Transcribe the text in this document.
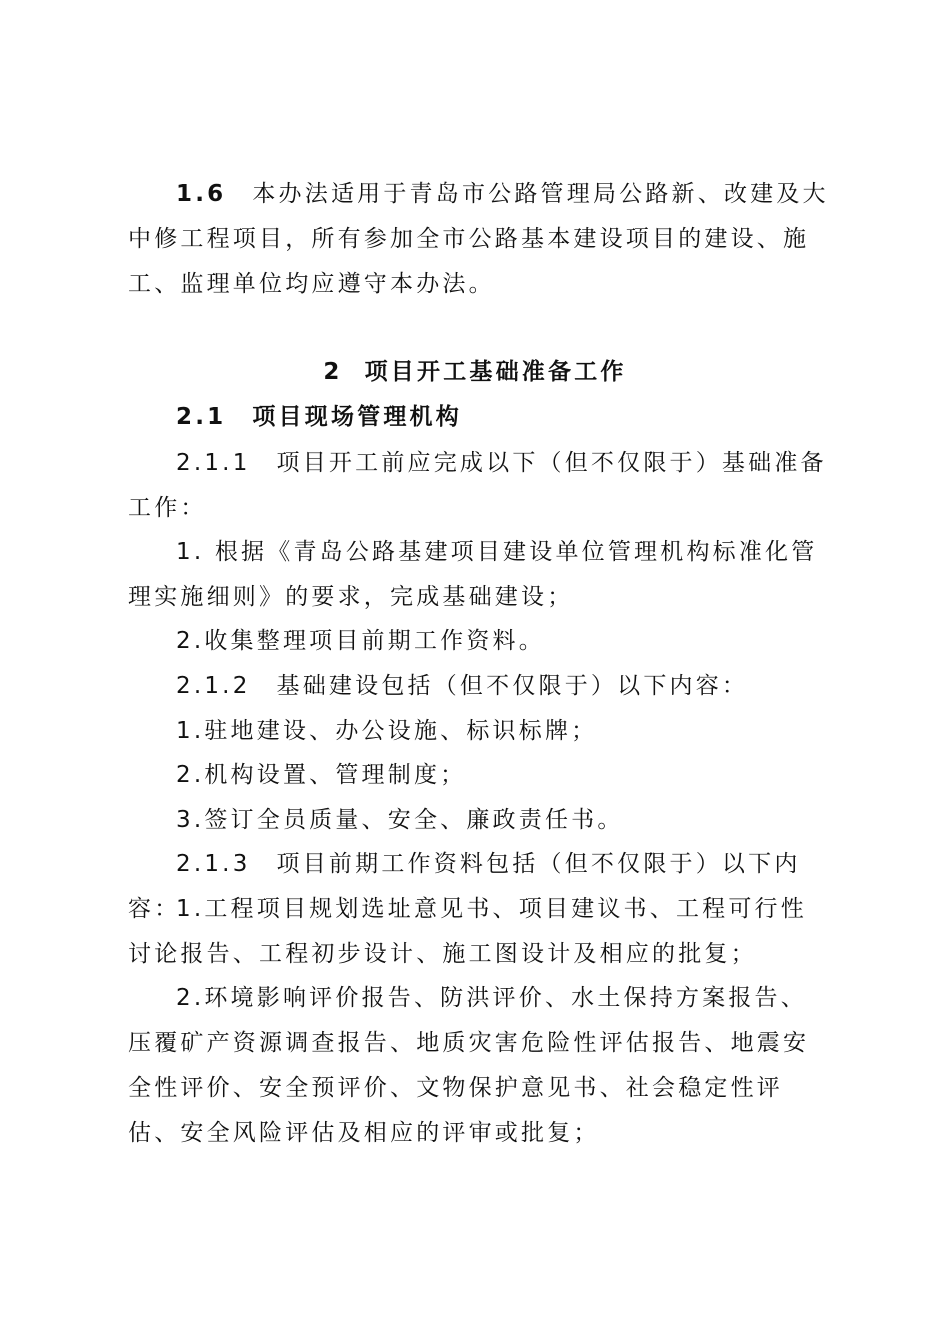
1.6 本办法适用于青岛市公路管理局公路新、改建及大中修工程项目，所有参加全市公路基本建设项目的建设、施工、监理单位均应遵守本办法。

2 项目开工基础准备工作

2.1 项目现场管理机构

2.1.1 项目开工前应完成以下（但不仅限于）基础准备工作：

1. 根据《青岛公路基建项目建设单位管理机构标准化管理实施细则》的要求，完成基础建设；

2.收集整理项目前期工作资料。

2.1.2 基础建设包括（但不仅限于）以下内容：

1.驻地建设、办公设施、标识标牌；

2.机构设置、管理制度；

3.签订全员质量、安全、廉政责任书。

2.1.3 项目前期工作资料包括（但不仅限于）以下内容：

1.工程项目规划选址意见书、项目建议书、工程可行性讨论报告、工程初步设计、施工图设计及相应的批复；

2.环境影响评价报告、防洪评价、水土保持方案报告、压覆矿产资源调查报告、地质灾害危险性评估报告、地震安全性评价、安全预评价、文物保护意见书、社会稳定性评估、安全风险评估及相应的评审或批复；
